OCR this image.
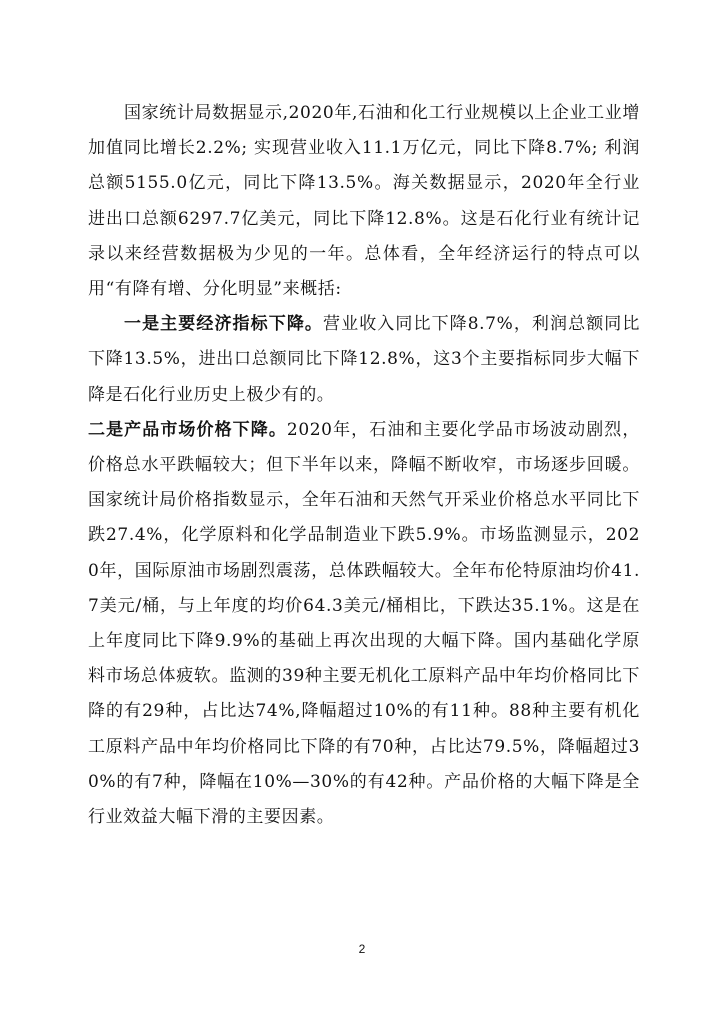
国家统计局数据显示,2020年,石油和化工行业规模以上企业工业增加值同比增长2.2%; 实现营业收入11.1万亿元，同比下降8.7%; 利润总额5155.0亿元，同比下降13.5%。海关数据显示，2020年全行业进出口总额6297.7亿美元，同比下降12.8%。这是石化行业有统计记录以来经营数据极为少见的一年。总体看，全年经济运行的特点可以用“有降有增、分化明显”来概括:

一是主要经济指标下降。营业收入同比下降8.7%，利润总额同比下降13.5%，进出口总额同比下降12.8%，这3个主要指标同步大幅下降是石化行业历史上极少有的。

二是产品市场价格下降。2020年，石油和主要化学品市场波动剧烈，价格总水平跌幅较大；但下半年以来，降幅不断收窄，市场逐步回暖。国家统计局价格指数显示，全年石油和天然气开采业价格总水平同比下跌27.4%，化学原料和化学品制造业下跌5.9%。市场监测显示，2020年，国际原油市场剧烈震荡，总体跌幅较大。全年布伦特原油均价41.7美元/桶，与上年度的均价64.3美元/桶相比，下跌达35.1%。这是在上年度同比下降9.9%的基础上再次出现的大幅下降。国内基础化学原料市场总体疲软。监测的39种主要无机化工原料产品中年均价格同比下降的有29种，占比达74%,降幅超过10%的有11种。88种主要有机化工原料产品中年均价格同比下降的有70种，占比达79.5%，降幅超过30%的有7种，降幅在10%—30%的有42种。产品价格的大幅下降是全行业效益大幅下滑的主要因素。

2
